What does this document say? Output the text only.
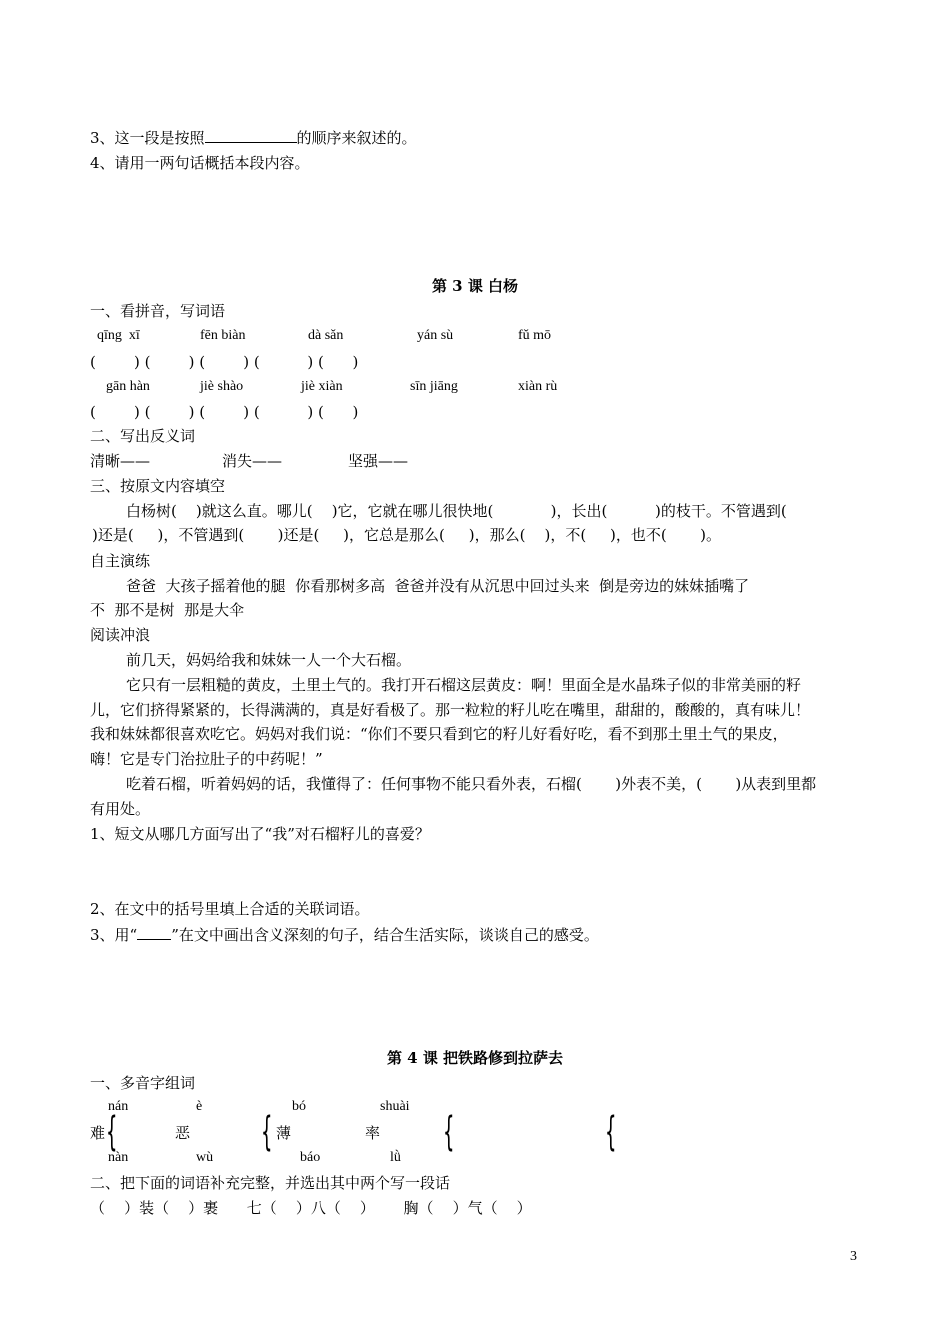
3、这一段是按照	的顺序来叙述的。
4、请用一两句话概括本段内容。
第 3 课 白杨
一、看拼音，写词语
qīng  xī	fēn biàn	dà sǎn	yán sù	fǔ mō
(        ) (        ) (        ) (          ) (      )
gān hàn	jiè shào	jiè xiàn	sīn jiāng	xiàn rù
(        ) (        ) (        ) (          ) (      )
二、写出反义词
清晰——	消失——	坚强——
三、按原文内容填空
白杨树(    )就这么直。哪儿(    )它，它就在哪儿很快地(            )，长出(          )的枝干。不管遇到(
)还是(     )，不管遇到(       )还是(     )，它总是那么(     )，那么(    )，不(     )，也不(       )。
自主演练
爸爸  大孩子摇着他的腿  你看那树多高  爸爸并没有从沉思中回过头来  倒是旁边的妹妹插嘴了
不  那不是树  那是大伞
阅读冲浪
前几天，妈妈给我和妹妹一人一个大石榴。
它只有一层粗糙的黄皮，土里土气的。我打开石榴这层黄皮：啊！里面全是水晶珠子似的非常美丽的籽
儿，它们挤得紧紧的，长得满满的，真是好看极了。那一粒粒的籽儿吃在嘴里，甜甜的，酸酸的，真有味儿！
我和妹妹都很喜欢吃它。妈妈对我们说：“你们不要只看到它的籽儿好看好吃，看不到那土里土气的果皮，
嗨！它是专门治拉肚子的中药呢！”
吃着石榴，听着妈妈的话，我懂得了：任何事物不能只看外表，石榴(       )外表不美，(       )从表到里都
有用处。
1、短文从哪几方面写出了“我”对石榴籽儿的喜爱？
2、在文中的括号里填上合适的关联词语。
3、用“ ”在文中画出含义深刻的句子，结合生活实际，谈谈自己的感受。
第 4 课 把铁路修到拉萨去
一、多音字组词
nán	è	bó	shuài
难	恶	薄	率
{	{	{	{
nàn	wù	báo	lǜ
二、把下面的词语补充完整，并选出其中两个写一段话
（    ）装（    ）裹      七（    ）八（    ）      胸（    ）气（    ）
3
